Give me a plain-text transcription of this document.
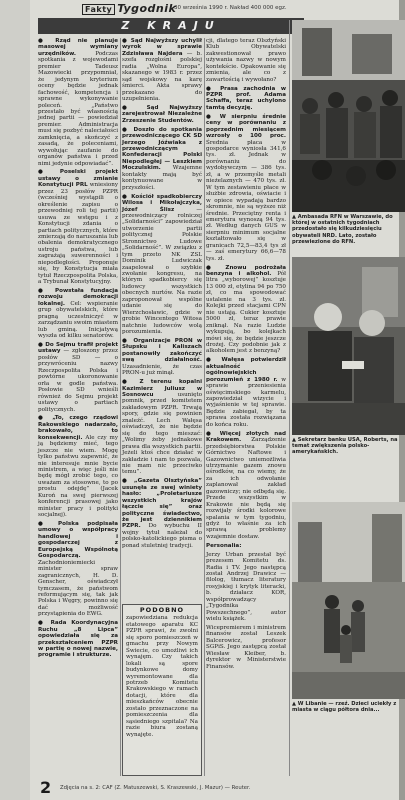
Fakty Tygodnik
30 września 1990 r. Nakład 400 000 egz.
Z KRAJU

● Rząd nie planuje masowej wymiany urzędników. Podczas spotkania z wojewodami premier Tadeusz Mazowiecki przypomniał, że jedynym kryterium oceny będzie jednak fachowość, kompetencja i sprawne wykonywanie poleceń. „Państwo przestało być własnością jednej partii — powiedział premier. Administracja musi się pozbyć naleciałości zamknięcia, a skończyć z zasadą, że poleceniami, wywołując zaufanie do organów państwa i przed nimi jedynie odpowiadać”.

● Poselski projekt ustawy o zmianie Konstytucji PRL wniesiony przez 23 posłów PZPR (wcześniej wystąpili o określenie zapisu o przewodniej roli tej partii) usuwa ze wstępu i z Konstytucji zdania o partiach politycznych, które zmierzają do naruszania lub obalenia demokratycznego ustroju państwa, lub zagrażają suwerenności i niepodległości. Proponuje się, by Konstytucja miała tytuł Rzeczpospolita Polska, a Trybunał Konstytucyjny.

● Powstała fundacja rozwoju demokracji lokalnej. Cel: wspieranie grup obywatelskich, które pragną uczestniczyć w zarządzaniu swoim miastem lub gminą. Inicjatywą wyszła od kilku senatorów.

● Do Sejmu trafił projekt ustawy — zgłoszony przez posłów SD — o przywróceniu nazwy Rzeczpospolita Polska i powtórne ukoronowanie orła w godle państwa. Posłowie SD wnieśli również do Sejmu projekt ustawy o partiach politycznych.

● „To, czego rządowi Rakowskiego nadarzało, brakowało, to konsekwencji. Ale czy my ją będziemy mieć, tego jeszcze nie wiem. Mogę tylko państwu zapewnić, że nie interesuje mnie bycie ministrem, a więc jeśli nie będę mógł zrobić tego, co uważam za stosowne, to po prostu odejdę” (Jacek Kuroń na swej pierwszej konferencji prasowej jako minister pracy i polityki socjalnej).

● Polska podpisała umowy o współpracy handlowej i gospodarczej z Europejską Wspólnotą Gospodarczą. Zachodnioniemiecki minister spraw zagranicznych, H. D. Genscher, oświadczył tymczasem, że państwom reformującym się, tak jak Polska i Węgry, powinno się dać możliwość przystąpienia do EWG.

● Rada Koordynacyjna Ruchu „8 Lipca” opowiedziała się za przekształceniem PZPR w partię o nowej nazwie, programie i strukturze.

● Sąd Najwyższy uchylił wyrok w sprawie Zdzisława Najdera — b. szefa rozgłośni polskiej radia „Wolna Europa”, skazanego w 1983 r. przez sąd wojskowy na karę śmierci. Akta sprawy przekazano do uzupełnienia.

● Sąd Najwyższy zarejestrował Niezależne Zrzeszenie Studentów.

● Doszło do spotkania przewodniczącego CK SD Jerzego Jóźwiaka z przewodniczącym Konfederacji Polski Niepodległej — Leszkiem Moczulskim. Wzajemne kontakty mają być kontynuowane w przyszłości.

● Kościół spadkobierczy Wilosa i Mikołajczyka, Józef Ślisz — przewodniczący rolniczej „Solidarności” zapowiedział utworzenie partii politycznej Polskie Stronnictwo Ludowe „Solidarność”. W związku z tym przeto NK ZSL Dominik Ludwiczak zaapelował o szybkie zwołanie kongresu, na którym spadkobiercy się ludowcy wszystkich obecnych nurtów. Na razie zaproponował wspólne udanie się do Wierzchosławic, gdzie w grobie Wincentego Witosa natchnie ludowców wolą porozumienia.

● Organizacje PRON w Słupsku i Kaliszach postanowiły zakończyć swą działalność. Uzasadnienie, że czas PRON-u już minął.

● Z terenu kopalni Kazimierz Juliusz w Sosnowcu usunięto pomnik, przed komitetem zakładowym PZPR. Trwają spory, gdzie się powinien znaleźć. Lech Wałęsa oświadczył, że nie będzie się do tego mieszać: „Wolimy żeby jednakowe prawa dla wszystkich partii. Jeżeli ktoś chce działać w zakładzie i nam to pozwala, nie mam nic przeciwko temu”.

● „Gazeta Olsztyńska” usunęła ze swej winiety hasło: „Proletariusze wszystkich krajów łączcie się” oraz polityczne świadectwo, że jest dziennikiem PZPR. Do wybuchu II wojny tytuł należał do polsko-katolickiego pisma o ponad stuletniej tradycji.

cji, dlatego teraz Olsztyński Klub Obywatelski zakwestionował prawo używania nazwy w nowym kontekście. Opakowanie się zmienia, ale co z zawartością i wywołano?

● Prasa zachodnia w PZPR prof. Adama Schaffa, teraz uchylono tamtą decyzję.

● W sierpniu średnie ceny w porównaniu z poprzednim miesiącem wzrosły o 100 proc. Średnia płaca w gospodarce wyniosła 341,6 tys. zł. Jednak w porównaniu do wydobywczym — 386 tys. zł, a w przemyśle metali nieżelaznych — 470 tys. zł. W tym zestawieniu płace w służbie zdrowia, oświacie i w opiece wypadają bardzo skromnie, nie są wyższe niż średnie. Przeciętny renta i emerytura wynoszą 94 tys. zł. Według danych GUS w sierpniu minimum socjalne kształtowało się w granicach 72,5—83,4 tys zł — zaś emerytury 66,6—78 tys. zł.

● Znowu podrożała benzyna i alkohol. Pół litra „wyborowej” kosztuje 13 000 zł, etylina 94 po 750 zł, co ma spowodować ustalenie na 3 tys. zł. Kolejki przed stacjami CPN nie ustają. Cukier kosztuje 5000 zł, teraz prawie zniknął. Na razie Ludzie wykupują, bo kolejkach mówi się, że będzie jeszcze drożej. Czy podobnie jak z alkoholem jest z benzyną?

● Wałęsa potwierdził aktualność ogólnowiejskich porozumień z 1980 r. w sprawie przeniesienia oświęcimskiego karmelu, zapowiedział wizycie i wyjaśnienie w tej sprawie. Będzie zabiegał, by ta sprawa została rozwiązana do końca roku.

● Więcej złotych nad Krakowem. Zarządzenie przedsiębiorstwa Polskie Górnictwo Naftowe i Gazownictwo uniemożliwia utrzymanie gazem znowu ośrodków, na co wiemy, że za ich odwołanie zaplanował zakład gazowniczy; nie odbędą się. Przede wszystkim w Krakowie nie będą się rozwijały środki kolorowe spalania w tym tygodniu, gdyż to właśnie za ich sprawą problemy wzajemnie dostaw.

Personalia:

Jerzy Urban przestał być prezesem Komitetu ds. Radia i TV. Jego następcą został Andrzej Drawicz — filolog, tłumacz literatury rosyjskiej i krytyk literacki, b. działacz KOR, współprowadzący „Tygodnika Powszechnego”, autor wielu książek.

Wicepremierem i ministrem finansów został Leszek Balcerowicz, profesor SGPiS. Jego zastępcą został Wiesław Kleiber, b. dyrektor w Ministerstwie Finansów.

PODOBNO
zapowiedziana redukcja etatowego aparatu KC PZPR sprawi, że zwolni się sporo pomieszczeń w gmachu przy Nowym Świecie, co umożliwi ich wynajęm. Czy takich lokali są spore budynkowe domy wyremontowane dla potrzeb Komitetu Krakowskiego w ramach dotacji, które dla mieszkańców obecnie zostało przeznaczone na pomieszczenia dla sąsiedniego szpitala? Na razie biura zostaną wynajęte.
▲ Ambasada RFN w Warszawie, do której w ostatnich tygodniach przedostało się kilkudziesięciu obywateli NRD. Lato, zostało przewiezione do RFN.
▲ Sekretarz banku USA, Roberts, na temat zwiększenia polsko-amerykańskich.
▲ W Libanie — rzeź. Dzieci uciekły z miasta w ciągu półtora dnia...
2	Zdjęcia na s. 2: CAF (Z. Matuszewski, S. Kraszewski, J. Mazur) — Reuter.
